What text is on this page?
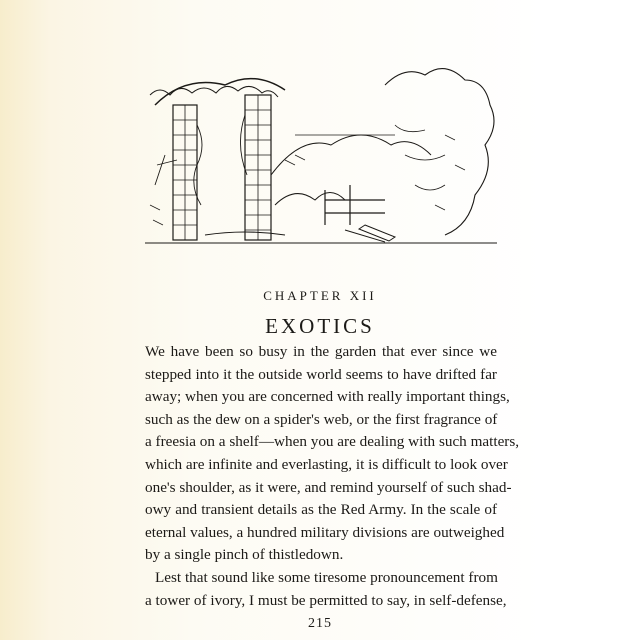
CHAPTER XII
EXOTICS
We have been so busy in the garden that ever since we
stepped into it the outside world seems to have drifted far
away; when you are concerned with really important things,
such as the dew on a spider's web, or the first fragrance of
a freesia on a shelf—when you are dealing with such matters,
which are infinite and everlasting, it is difficult to look over
one's shoulder, as it were, and remind yourself of such shad-
owy and transient details as the Red Army. In the scale of
eternal values, a hundred military divisions are outweighed
by a single pinch of thistledown.
Lest that sound like some tiresome pronouncement from
a tower of ivory, I must be permitted to say, in self-defense,
215
